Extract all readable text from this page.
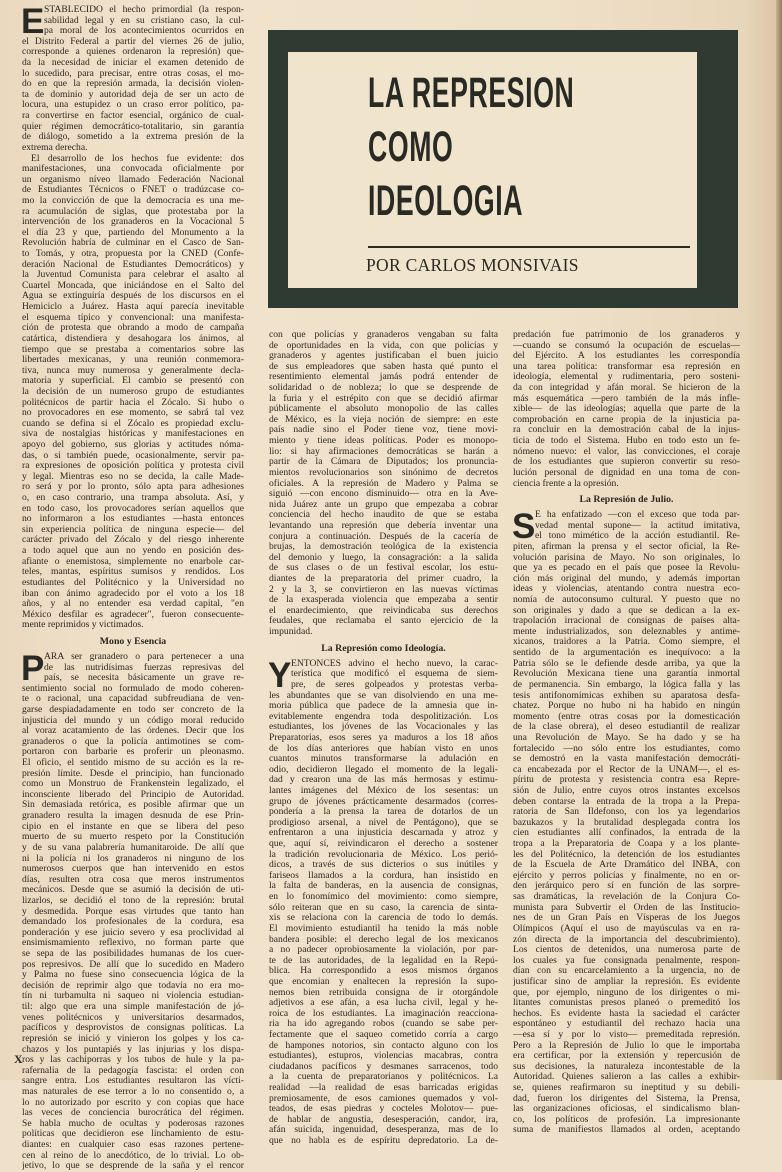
E STABLECIDO el hecho primordial (la respon-
sabilidad legal y en su cristiano caso, la cul-
pa moral de los acontecimientos ocurridos en
el Distrito Federal a partir del viernes 26 de julio,
corresponde a quienes ordenaron la represión) que-
da la necesidad de iniciar el examen detenido de
lo sucedido, para precisar, entre otras cosas, el mo-
do en que la represión armada, la decisión violen-
ta de dominio y autoridad deja de ser un acto de
locura, una estupidez o un craso error político, pa-
ra convertirse en factor esencial, orgánico de cual-
quier régimen democrático-totalitario, sin garantía
de diálogo, sometido a la extrema presión de la
extrema derecha.
El desarrollo de los hechos fue evidente: dos
manifestaciones, una convocada oficialmente por
un organismo níveo llamado Federación Nacional
de Estudiantes Técnicos o FNET o tradúzcase co-
mo la convicción de que la democracia es una me-
ra acumulación de siglas, que protestaba por la
intervención de los granaderos en la Vocacional 5
el día 23 y que, partiendo del Monumento a la
Revolución habría de culminar en el Casco de San-
to Tomás, y otra, propuesta por la CNED (Confe-
deración Nacional de Estudiantes Democráticos) y
la Juventud Comunista para celebrar el asalto al
Cuartel Moncada, que iniciándose en el Salto del
Agua se extinguiría después de los discursos en el
Hemiciclo a Juárez. Hasta aquí parecía inevitable
el esquema típico y convencional: una manifesta-
ción de protesta que obrando a modo de campaña
catártica, distendiera y desahogara los ánimos, al
tiempo que se prestaba a comentarios sobre las
libertades mexicanas, y una reunión conmemora-
tiva, nunca muy numerosa y generalmente decla-
matoria y superficial. El cambio se presentó con
la decisión de un numeroso grupo de estudiantes
politécnicos de partir hacia el Zócalo. Si hubo o
no provocadores en ese momento, se sabrá tal vez
cuando se defina si el Zócalo es propiedad exclu-
siva de nostalgias históricas y manifestaciones en
apoyo del gobierno, sus glorias y actitudes nóma-
das, o si también puede, ocasionalmente, servir pa-
ra expresiones de oposición política y protesta civil
y legal. Mientras eso no se decida, la calle Made-
ro será y por lo pronto, sólo apta para adhesiones
o, en caso contrario, una trampa absoluta. Así, y
en todo caso, los provocadores serían aquellos que
no informaron a los estudiantes —hasta entonces
sin experiencia política de ninguna especie— del
carácter privado del Zócalo y del riesgo inherente
a todo aquel que aun no yendo en posición des-
afiante o enemistosa, simplemente no enarbole car-
teles, mantas, espíritus sumisos y rendidos. Los
estudiantes del Politécnico y la Universidad no
iban con ánimo agradecido por el voto a los 18
años, y al no entender esa verdad capital, "en
México desfilar es agradecer", fueron consecuente-
mente reprimidos y victimados.
Mono y Esencia
P ARA ser granadero o para pertenecer a una
de las nutridísimas fuerzas represivas del
país, se necesita básicamente un grave re-
sentimiento social no formulado de modo coheren-
te o racional, una capacidad subfreudiana de ven-
garse despiadadamente en todo ser concreto de la
injusticia del mundo y un código moral reducido
al voraz acatamiento de las órdenes. Decir que los
granaderos o que la policía antimotines se com-
portaron con barbarie es proferir un pleonasmo.
El oficio, el sentido mismo de su acción es la re-
presión límite. Desde el principio, han funcionado
como un Monstruo de Frankenstein legalizado, el
inconsciente liberado del Principio de Autoridad.
Sin demasiada retórica, es posible afirmar que un
granadero resulta la imagen desnuda de ese Prin-
cipio en el instante en que se libera del peso
muerto de su muerto respeto por la Constitución
y de su vana palabrería humanitaroide. De allí que
ni la policía ni los granaderos ni ninguno de los
numerosos cuerpos que han intervenido en estos
días, resulten otra cosa que meros instrumentos
mecánicos. Desde que se asumió la decisión de uti-
lizarlos, se decidió el tono de la represión: brutal
y desmedida. Porque esas virtudes que tanto han
demandado los profesionales de la cordura, esa
ponderación y ese juicio severo y esa proclividad al
ensimismamiento reflexivo, no forman parte que
se sepa de las posibilidades humanas de los cuer-
pos represivos. De allí que lo sucedido en Madero
y Palma no fuese sino consecuencia lógica de la
decisión de reprimir algo que todavía no era mo-
tín ni turbamulta ni saqueo ni violencia estudian-
til: algo que era una simple manifestación de jó-
venes politécnicos y universitarios desarmados,
pacíficos y desprovistos de consignas políticas. La
represión se inició y vinieron los golpes y los ca-
chazos y los puntapiés y las injurias y los dispa-
ros y las cachiporras y los tubos de hule y la pa-
rafernalia de la pedagogía fascista: el orden con
sangre entra. Los estudiantes resultaron las vícti-
mas naturales de ese terror a lo no consentido o, a
lo no autorizado por escrito y con copias que hace
las veces de conciencia burocrática del régimen.
Se habla mucho de ocultas y poderosas razones
políticas que decidieron ese linchamiento de estu-
diantes: en cualquier caso esas razones pertene-
cen al reino de lo anecdótico, de lo trivial. Lo ob-
jetivo, lo que se desprende de la saña y el rencor
LA REPRESION
COMO
IDEOLOGIA
POR CARLOS MONSIVAIS
con que policías y granaderos vengaban su falta
de oportunidades en la vida, con que policías y
granaderos y agentes justificaban el buen juicio
de sus empleadores que saben hasta qué punto el
resentimiento elemental jamás podrá entender de
solidaridad o de nobleza; lo que se desprende de
la furia y el estrépito con que se decidió afirmar
públicamente el absoluto monopolio de las calles
de México, es la vieja noción de siempre: en este
país nadie sino el Poder tiene voz, tiene movi-
miento y tiene ideas políticas. Poder es monopo-
lio: si hay afirmaciones democráticas se harán a
partir de la Cámara de Diputados; los pronuncia-
mientos revolucionarios son sinónimo de decretos
oficiales. A la represión de Madero y Palma se
siguió —con encono disminuido— otra en la Ave-
nida Juárez ante un grupo que empezaba a cobrar
conciencia del hecho inaudito de que se estaba
levantando una represión que debería inventar una
conjura a continuación. Después de la cacería de
brujas, la demostración teológica de la existencia
del demonio y luego, la consagración: a la salida
de sus clases o de un festival escolar, los estu-
diantes de la preparatoria del primer cuadro, la
2 y la 3, se convirtieron en las nuevas víctimas
de la exasperada violencia que empezaba a sentir
el enardecimiento, que reivindicaba sus derechos
feudales, que reclamaba el santo ejercicio de la
impunidad.
La Represión como Ideología.
Y ENTONCES advino el hecho nuevo, la carac-
terística que modificó el esquema de siem-
pre, de seres golpeados y protestas verba-
les abundantes que se van disolviendo en una me-
moria pública que padece de la amnesia que in-
evitablemente engendra toda despolitización. Los
estudiantes, los jóvenes de las Vocacionales y las
Preparatorias, esos seres ya maduros a los 18 años
de los días anteriores que habían visto en unos
cuantos minutos transformarse la adulación en
odio, decidieron llegado el momento de la legali-
dad y crearon una de las más hermosas y estimu-
lantes imágenes del México de los sesentas: un
grupo de jóvenes prácticamente desarmados (corres-
pondería a la prensa la tarea de dotarlos de un
prodigioso arsenal, a nivel de Pentágono), que se
enfrentaron a una injusticia descarnada y atroz y
que, aquí sí, reivindicaron el derecho a sostener
la tradición revolucionaria de México. Los perió-
dicos, a través de sus dicterios o sus inútiles y
fariseos llamados a la cordura, han insistido en
la falta de banderas, en la ausencia de consignas,
en lo fonomímico del movimiento: como siempre,
sólo reiteran que en su caso, la carencia de sinta-
xis se relaciona con la carencia de todo lo demás.
El movimiento estudiantil ha tenido la más noble
bandera posible: el derecho legal de los mexicanos
a no padecer oprobiosamente la violación, por par-
te de las autoridades, de la legalidad en la Repú-
blica. Ha correspondido a esos mismos órganos
que encomian y enaltecen la represión la supo-
nemos bien retribuida consigna de ir otorgándole
adjetivos a ese afán, a esa lucha civil, legal y he-
roica de los estudiantes. La imaginación reacciona-
ria ha ido agregando robos (cuando se sabe per-
fectamente que el saqueo cometido corría a cargo
de hampones notorios, sin contacto alguno con los
estudiantes), estupros, violencias macabras, contra
ciudadanos pacíficos y desmanes sarracenos, todo
a la cuenta de preparatorianos y politécnicos. La
realidad —la realidad de esas barricadas erigidas
premiosamente, de esos camiones quemados y vol-
teados, de esas piedras y cocteles Molotov— pue-
de hablar de angustia, desesperación, candor, ira,
afán suicida, ingenuidad, desesperanza, mas de lo
que no habla es de espíritu depredatorio. La de-
predación fue patrimonio de los granaderos y
—cuando se consumó la ocupación de escuelas—
del Ejército. A los estudiantes les correspondía
una tarea política: transformar esa represión en
ideología, elemental y rudimentaria, pero sosteni-
da con integridad y afán moral. Se hicieron de la
más esquemática —pero también de la más infle-
xible— de las ideologías; aquella que parte de la
comprobación en carne propia de la injusticia pa-
ra concluir en la demostración cabal de la injus-
ticia de todo el Sistema. Hubo en todo esto un fe-
nómeno nuevo: el valor, las convicciones, el coraje
de los estudiantes que supieron convertir su reso-
lución personal de dignidad en una toma de con-
ciencia frente a la opresión.
La Represión de Julio.
S E ha enfatizado —con el exceso que toda par-
vedad mental supone— la actitud imitativa,
el tono mimético de la acción estudiantil. Re-
piten, afirman la prensa y el sector oficial, la Re-
volución parisina de Mayo. No son originales, lo
que ya es pecado en el país que posee la Revolu-
ción más original del mundo, y además importan
ideas y violencias, atentando contra nuestra eco-
nomía de autoconsumo cultural. Y puesto que no
son originales y dado a que se dedican a la ex-
trapolación irracional de consignas de países alta-
mente industrializados, son deleznables y antime-
xicanos, traidores a la Patria. Como siempre, el
sentido de la argumentación es inequívoco: a la
Patria sólo se le defiende desde arriba, ya que la
Revolución Mexicana tiene una garantía inmortal
de permanencia. Sin embargo, la lógica falla y las
tesis antifonomímicas exhiben su aparatosa desfa-
chatez. Porque no hubo ni ha habido en ningún
momento (entre otras cosas por la domesticación
de la clase obrera), el deseo estudiantil de realizar
una Revolución de Mayo. Se ha dado y se ha
fortalecido —no sólo entre los estudiantes, como
se demostró en la vasta manifestación democráti-
ca encabezada por el Rector de la UNAM—, el es-
píritu de protesta y resistencia contra esa Repre-
sión de Julio, entre cuyos otros instantes excelsos
deben contarse la entrada de la tropa a la Prepa-
ratoria de San Ildefonso, con los ya legendarios
bazukazos y la brutalidad desplegada contra los
cien estudiantes allí confinados, la entrada de la
tropa a la Preparatoria de Coapa y a los plante-
les del Politécnico, la detención de los estudiantes
de la Escuela de Arte Dramático del INBA, con
ejército y perros policías y finalmente, no en or-
den jerárquico pero sí en función de las sorpre-
sas dramáticas, la revelación de la Conjura Co-
munista para Subvertir el Orden de las Institucio-
nes de un Gran País en Vísperas de los Juegos
Olímpicos (Aquí el uso de mayúsculas va en ra-
zón directa de la importancia del descubrimiento).
Los cientos de detenidos, una numerosa parte de
los cuales ya fue consignada penalmente, respon-
dían con su encarcelamiento a la urgencia, no de
justificar sino de ampliar la represión. Es evidente
que, por ejemplo, ninguno de los dirigentes o mi-
litantes comunistas presos planeó o premeditó los
hechos. Es evidente hasta la saciedad el carácter
espontáneo y estudiantil del rechazo hacia una
—esa sí y por lo visto— premeditada represión.
Pero a la Represión de Julio lo que le importaba
era certificar, por la extensión y repercusión de
sus decisiones, la naturaleza incontestable de la
Autoridad. Quienes salieron a las calles a exhibir-
se, quienes reafirmaron su ineptitud y su debili-
dad, fueron los dirigentes del Sistema, la Prensa,
las organizaciones oficiosas, el sindicalismo blan-
co, los políticos de profesión. La impresionante
suma de manifiestos llamados al orden, aceptando
X
